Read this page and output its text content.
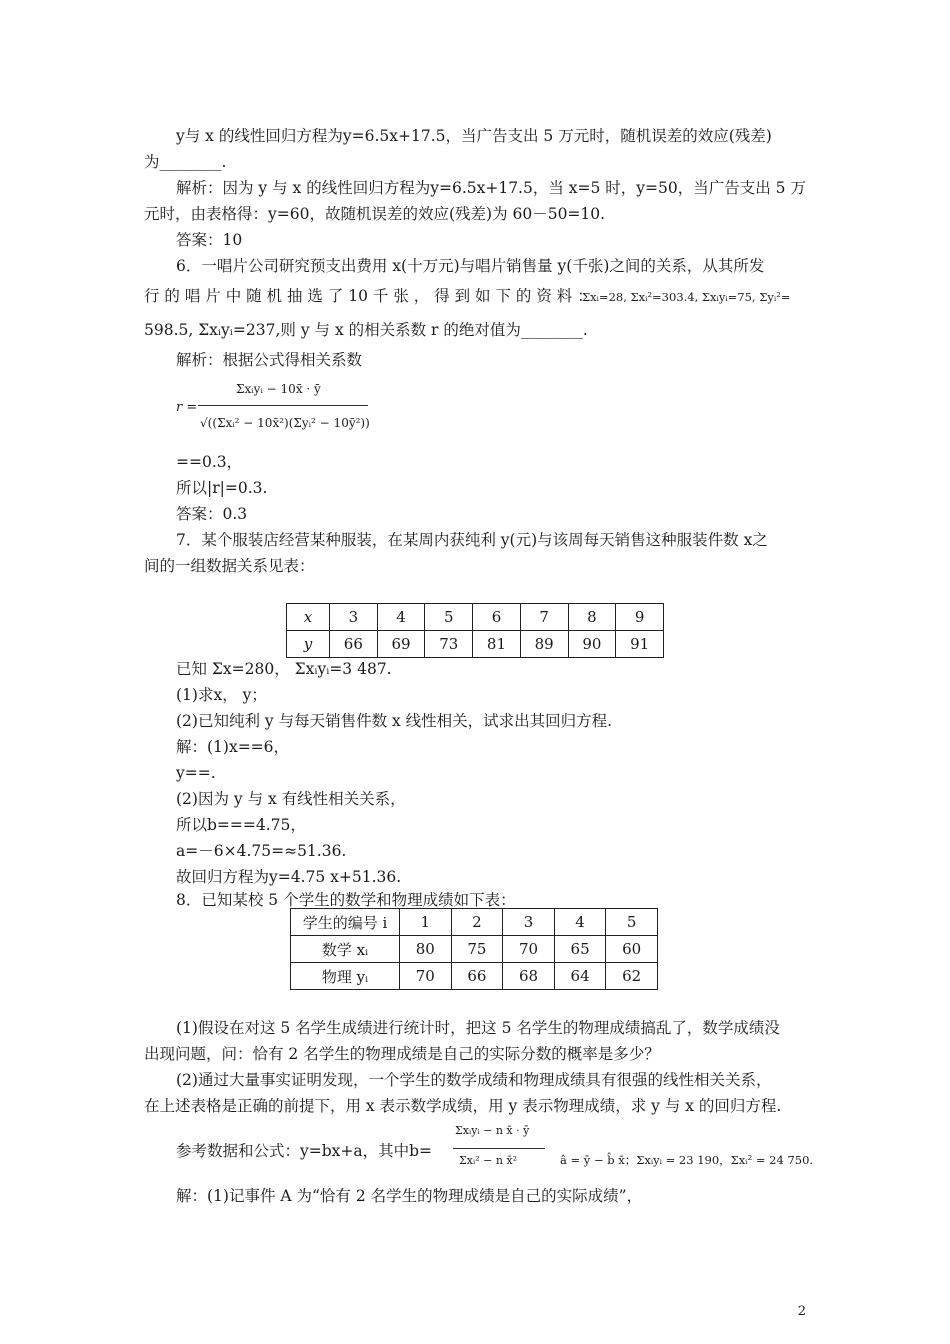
y与 x 的线性回归方程为y=6.5x+17.5，当广告支出 5 万元时，随机误差的效应(残差)
为________.
解析：因为 y 与 x 的线性回归方程为y=6.5x+17.5，当 x=5 时，y=50，当广告支出 5 万
元时，由表格得：y=60，故随机误差的效应(残差)为 60－50=10.
答案：10
6．一唱片公司研究预支出费用 x(十万元)与唱片销售量 y(千张)之间的关系，从其所发
行 的 唱 片 中 随 机 抽 选 了 10 千 张 ， 得 到 如 下 的 资 料 ：
Σxᵢ=28, Σxᵢ²=303.4, Σxᵢyᵢ=75, Σyᵢ²=
598.5, Σxᵢyᵢ=237,则 y 与 x 的相关系数 r 的绝对值为________.
解析：根据公式得相关系数
r =
Σxᵢyᵢ − 10x̄ · ȳ
√((Σxᵢ² − 10x̄²)(Σyᵢ² − 10ȳ²))
==0.3，
所以|r|=0.3.
答案：0.3
7．某个服装店经营某种服装，在某周内获纯利 y(元)与该周每天销售这种服装件数 x之
间的一组数据关系见表：
x	3	4	5	6	7	8	9
y	66	69	73	81	89	90	91
已知 Σx=280， Σxᵢyᵢ=3 487.
(1)求x， y；
(2)已知纯利 y 与每天销售件数 x 线性相关，试求出其回归方程.
解：(1)x==6，
y==.
(2)因为 y 与 x 有线性相关关系，
所以b===4.75，
a=－6×4.75=≈51.36.
故回归方程为y=4.75 x+51.36.
8．已知某校 5 个学生的数学和物理成绩如下表：
学生的编号 i	1	2	3	4	5
数学 xᵢ	80	75	70	65	60
物理 yᵢ	70	66	68	64	62
(1)假设在对这 5 名学生成绩进行统计时，把这 5 名学生的物理成绩搞乱了，数学成绩没
出现问题，问：恰有 2 名学生的物理成绩是自己的实际分数的概率是多少？
(2)通过大量事实证明发现，一个学生的数学成绩和物理成绩具有很强的线性相关关系，
在上述表格是正确的前提下，用 x 表示数学成绩，用 y 表示物理成绩，求 y 与 x 的回归方程.
参考数据和公式：y=bx+a，其中b=
Σxᵢyᵢ − n x̄ · ȳ
Σxᵢ² − n x̄²	â = ȳ − b̂ x̄；Σxᵢyᵢ = 23 190，Σxᵢ² = 24 750.
解：(1)记事件 A 为“恰有 2 名学生的物理成绩是自己的实际成绩”，
2
